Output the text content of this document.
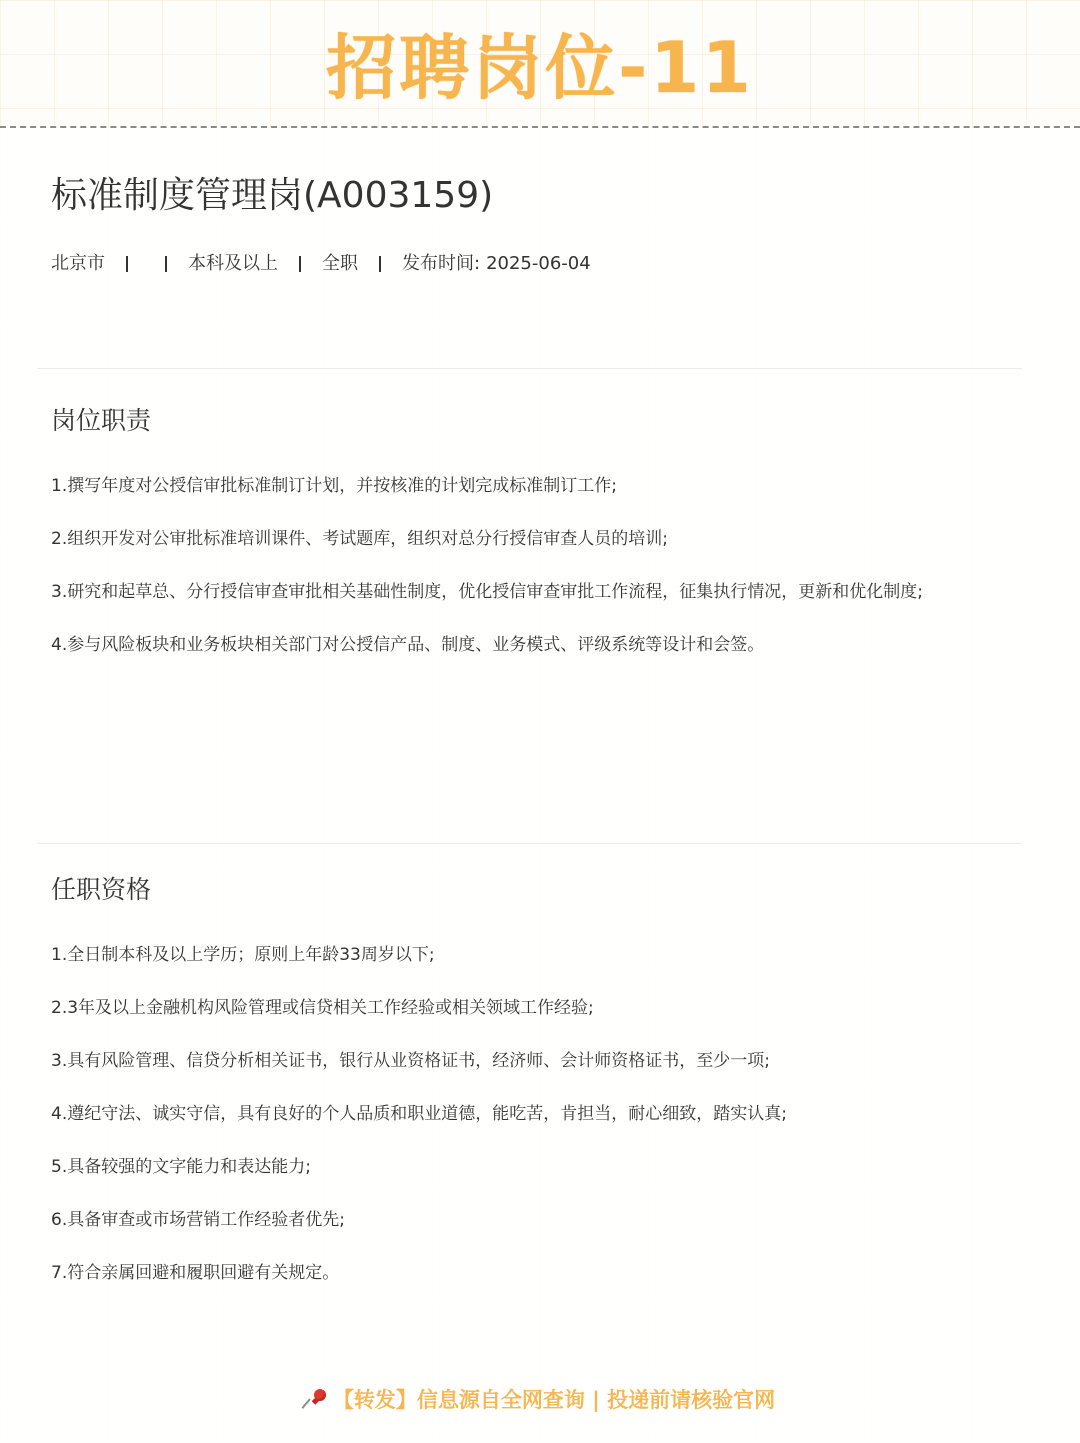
招聘岗位-11
标准制度管理岗(A003159)
北京市	本科及以上 全职 发布时间: 2025-06-04
岗位职责
1.撰写年度对公授信审批标准制订计划，并按核准的计划完成标准制订工作;
2.组织开发对公审批标准培训课件、考试题库，组织对总分行授信审查人员的培训;
3.研究和起草总、分行授信审查审批相关基础性制度，优化授信审查审批工作流程，征集执行情况，更新和优化制度;
4.参与风险板块和业务板块相关部门对公授信产品、制度、业务模式、评级系统等设计和会签。
任职资格
1.全日制本科及以上学历；原则上年龄33周岁以下;
2.3年及以上金融机构风险管理或信贷相关工作经验或相关领域工作经验;
3.具有风险管理、信贷分析相关证书，银行从业资格证书，经济师、会计师资格证书，至少一项;
4.遵纪守法、诚实守信，具有良好的个人品质和职业道德，能吃苦，肯担当，耐心细致，踏实认真;
5.具备较强的文字能力和表达能力;
6.具备审查或市场营销工作经验者优先;
7.符合亲属回避和履职回避有关规定。
【转发】信息源自全网查询 | 投递前请核验官网
